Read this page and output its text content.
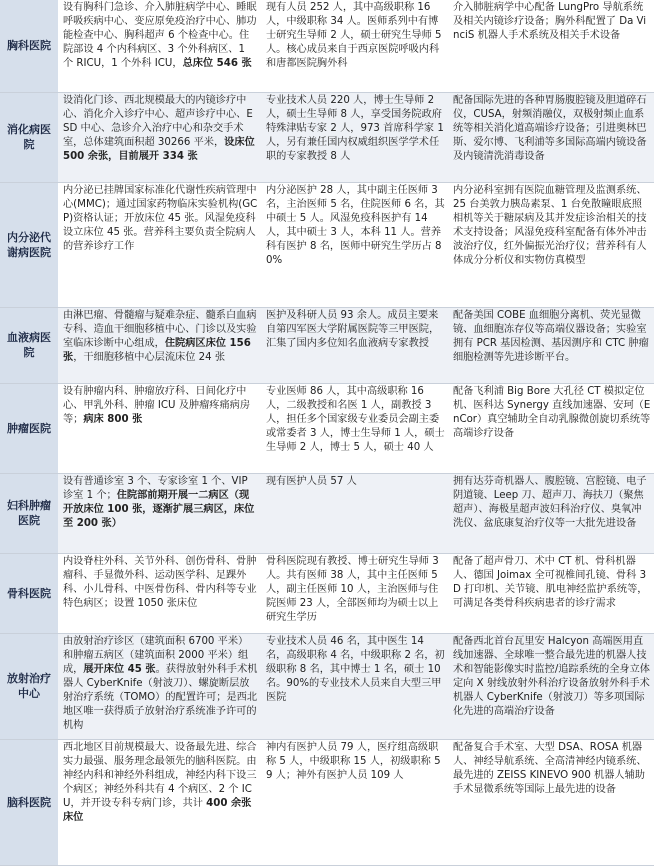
胸科医院	设有胸科门急诊、介入肺脏病学中心、睡眠呼吸疾病中心、变应原免疫治疗中心、肺功能检查中心、胸科超声 6 个检查中心。住院部设 4 个内科病区、3 个外科病区、1 个 RICU，1 个外科 ICU，总床位 546 张	现有人员 252 人，其中高级职称 16 人，中级职称 34 人。医师系列中有博士研究生导师 2 人，硕士研究生导师 5 人。核心成员来自于西京医院呼吸内科和唐都医院胸外科	介入肺脏病学中心配备 LungPro 导航系统及相关内镜诊疗设备；胸外科配置了 Da VinciS 机器人手术系统及相关手术设备
消化病医院	设消化门诊、西北规模最大的内镜诊疗中心、消化介入诊疗中心、超声诊疗中心、ESD 中心、急诊介入治疗中心和杂交手术室，总体建筑面积超 30266 平米，设床位 500 余张，目前展开 334 张	专业技术人员 220 人，博士生导师 2 人，硕士生导师 8 人，享受国务院政府特殊津贴专家 2 人，973 首席科学家 1 人，另有兼任国内权威组织医学学术任职的专家教授 8 人	配备国际先进的各种胃肠腹腔镜及胆道碎石仪，CUSA，射频消融仪，双极射频止血系统等相关消化道高端诊疗设备；引进奥林巴斯、爱尔博、飞利浦等多国际高端内镜设备及内镜清洗消毒设备
内分泌代谢病医院	内分泌已挂牌国家标准化代谢性疾病管理中心(MMC)；通过国家药物临床实验机构(GCP)资格认证；开放床位 45 张。风湿免疫科设立床位 45 张。营养科主要负责全院病人的营养诊疗工作	内分泌医护 28 人，其中副主任医师 3 名，主治医师 5 名，住院医师 6 名，其中硕士 5 人。风湿免疫科医护有 14 人，其中硕士 3 人，本科 11 人。营养科有医护 8 名，医师中研究生学历占 80%	内分泌科室拥有医院血糖管理及监测系统、25 台美敦力胰岛素泵、1 台免散瞳眼底照相机等关于糖尿病及其并发症诊治相关的技术支持设备；风湿免疫科室配备有体外冲击波治疗仪，红外偏振光治疗仪；营养科有人体成分分析仪和实物仿真模型
血液病医院	由淋巴瘤、骨髓瘤与疑难杂症、髓系白血病专科、造血干细胞移植中心、门诊以及实验室临床诊断中心组成，住院病区床位 156 张，干细胞移植中心层流床位 24 张	医护及科研人员 93 余人。成员主要来自第四军医大学附属医院等三甲医院，汇集了国内多位知名血液病专家教授	配备美国 COBE 血细胞分离机、荧光显微镜、血细胞冻存仪等高端仪器设备；实验室拥有 PCR 基因检测、基因测序和 CTC 肿瘤细胞检测等先进诊断平台。
肿瘤医院	设有肿瘤内科、肿瘤放疗科、日间化疗中心、甲乳外科、肿瘤 ICU 及肿瘤疼痛病房等；病床 800 张	专业医师 86 人，其中高级职称 16 人，二级教授和名医 1 人，副教授 3 人，担任多个国家级专业委员会副主委或常委者 3 人，博士生导师 1 人，硕士生导师 2 人，博士 5 人，硕士 40 人	配备飞利浦 Big Bore 大孔径 CT 模拟定位机、医科达 Synergy 直线加速器、安珂（EnCor）真空辅助全自动乳腺微创旋切系统等高端诊疗设备
妇科肿瘤医院	设有普通诊室 3 个、专家诊室 1 个、VIP 诊室 1 个；住院部前期开展一二病区（现开放床位 100 张，逐渐扩展三病区，床位至 200 张）	现有医护人员 57 人	拥有达芬奇机器人、腹腔镜、宫腔镜、电子阴道镜、Leep 刀、超声刀、海扶刀（聚焦超声）、海极星超声波妇科治疗仪、臭氧冲洗仪、盆底康复治疗仪等一大批先进设备
骨科医院	内设脊柱外科、关节外科、创伤骨科、骨肿瘤科、手显微外科、运动医学科、足踝外科、小儿骨科、中医骨伤科、骨内科等专业特色病区；设置 1050 张床位	骨科医院现有教授、博士研究生导师 3 人。共有医师 38 人，其中主任医师 5 人，副主任医师 10 人，主治医师与住院医师 23 人，全部医师均为硕士以上研究生学历	配备了超声骨刀、术中 CT 机、骨科机器人、德国 Joimax 全可视椎间孔镜、骨科 3D 打印机、关节镜、肌电神经监护系统等，可满足各类骨科疾病患者的诊疗需求
放射治疗中心	由放射治疗诊区（建筑面积 6700 平米）和肿瘤五病区（建筑面积 2000 平米）组成，展开床位 45 张。获得放射外科手术机器人 CyberKnife（射波刀）、螺旋断层放射治疗系统（TOMO）的配置许可；是西北地区唯一获得质子放射治疗系统准予许可的机构	专业技术人员 46 名，其中医生 14 名，高级职称 4 名，中级职称 2 名，初级职称 8 名，其中博士 1 名，硕士 10 名。90%的专业技术人员来自大型三甲医院	配备西北首台瓦里安 Halcyon 高端医用直线加速器、全球唯一整合最先进的机器人技术和智能影像实时监控/追踪系统的全身立体定向 X 射线放射外科治疗设备放射外科手术机器人 CyberKnife（射波刀）等多项国际化先进的高端治疗设备
脑科医院	西北地区目前规模最大、设备最先进、综合实力最强、服务理念最领先的脑科医院。由神经内科和神经外科组成，神经内科下设三个病区；神经外科共有 4 个病区、2 个 ICU，并开设专科专病门诊，共计 400 余张床位	神内有医护人员 79 人，医疗组高级职称 5 人，中级职称 15 人，初级职称 59 人；神外有医护人员 109 人	配备复合手术室、大型 DSA、ROSA 机器人、神经导航系统、全高清神经内镜系统、最先进的 ZEISS KINEVO 900 机器人辅助手术显微系统等国际上最先进的设备
